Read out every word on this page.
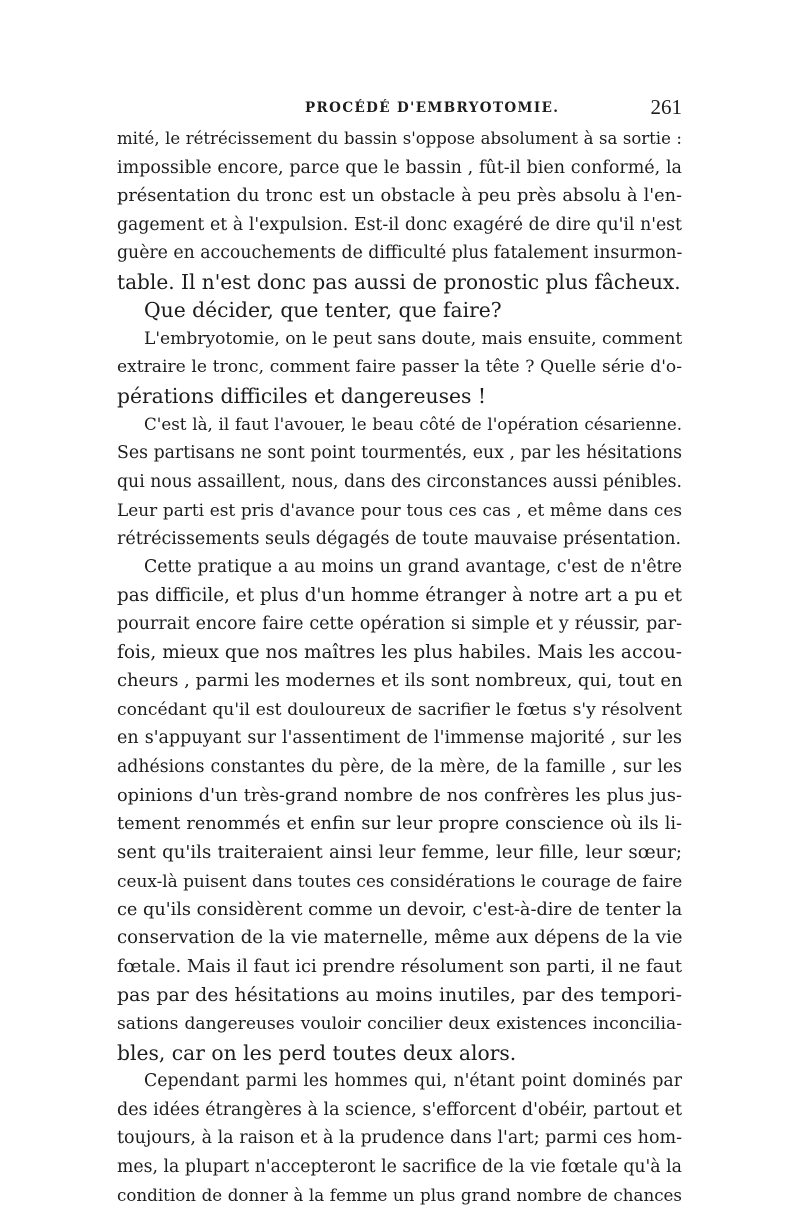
PROCÉDÉ D'EMBRYOTOMIE.	261
mité, le rétrécissement du bassin s'oppose absolument à sa sortie :
impossible encore, parce que le bassin , fût-il bien conformé, la
présentation du tronc est un obstacle à peu près absolu à l'en-
gagement et à l'expulsion. Est-il donc exagéré de dire qu'il n'est
guère en accouchements de difficulté plus fatalement insurmon-
table. Il n'est donc pas aussi de pronostic plus fâcheux.
Que décider, que tenter, que faire?
L'embryotomie, on le peut sans doute, mais ensuite, comment
extraire le tronc, comment faire passer la tête ? Quelle série d'o-
pérations difficiles et dangereuses !
C'est là, il faut l'avouer, le beau côté de l'opération césarienne.
Ses partisans ne sont point tourmentés, eux , par les hésitations
qui nous assaillent, nous, dans des circonstances aussi pénibles.
Leur parti est pris d'avance pour tous ces cas , et même dans ces
rétrécissements seuls dégagés de toute mauvaise présentation.
Cette pratique a au moins un grand avantage, c'est de n'être
pas difficile, et plus d'un homme étranger à notre art a pu et
pourrait encore faire cette opération si simple et y réussir, par-
fois, mieux que nos maîtres les plus habiles. Mais les accou-
cheurs , parmi les modernes et ils sont nombreux, qui, tout en
concédant qu'il est douloureux de sacrifier le fœtus s'y résolvent
en s'appuyant sur l'assentiment de l'immense majorité , sur les
adhésions constantes du père, de la mère, de la famille , sur les
opinions d'un très-grand nombre de nos confrères les plus jus-
tement renommés et enfin sur leur propre conscience où ils li-
sent qu'ils traiteraient ainsi leur femme, leur fille, leur sœur;
ceux-là puisent dans toutes ces considérations le courage de faire
ce qu'ils considèrent comme un devoir, c'est-à-dire de tenter la
conservation de la vie maternelle, même aux dépens de la vie
fœtale. Mais il faut ici prendre résolument son parti, il ne faut
pas par des hésitations au moins inutiles, par des tempori-
sations dangereuses vouloir concilier deux existences inconcilia-
bles, car on les perd toutes deux alors.
Cependant parmi les hommes qui, n'étant point dominés par
des idées étrangères à la science, s'efforcent d'obéir, partout et
toujours, à la raison et à la prudence dans l'art; parmi ces hom-
mes, la plupart n'accepteront le sacrifice de la vie fœtale qu'à la
condition de donner à la femme un plus grand nombre de chances
